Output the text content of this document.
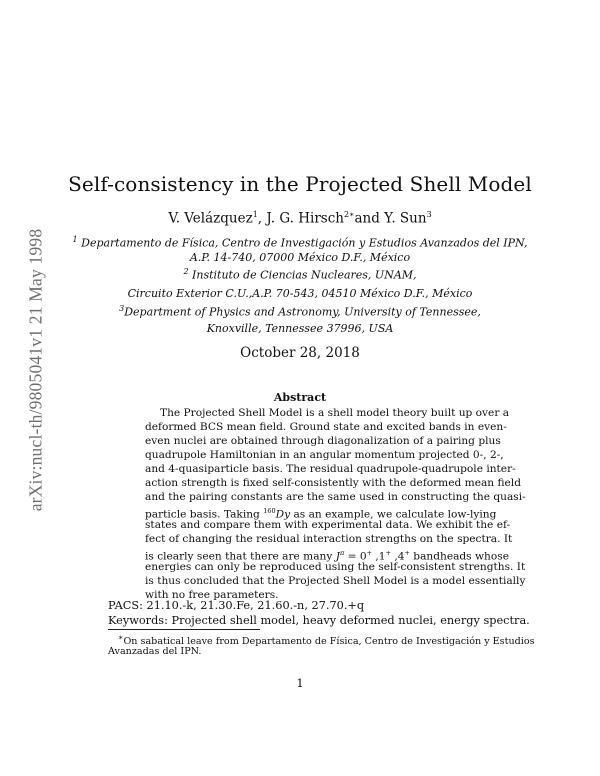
arXiv:nucl-th/9805041v1 21 May 1998
Self-consistency in the Projected Shell Model
V. Velázquez$^1$, J. G. Hirsch$^{2∗}$and Y. Sun$^3$
$^1$ Departamento de Física, Centro de Investigación y Estudios Avanzados del IPN,
A.P. 14-740, 07000 México D.F., México
$^2$ Instituto de Ciencias Nucleares, UNAM,
Circuito Exterior C.U.,A.P. 70-543, 04510 México D.F., México
$^3$Department of Physics and Astronomy, University of Tennessee,
Knoxville, Tennessee 37996, USA
October 28, 2018
Abstract
The Projected Shell Model is a shell model theory built up over a
deformed BCS mean field. Ground state and excited bands in even-
even nuclei are obtained through diagonalization of a pairing plus
quadrupole Hamiltonian in an angular momentum projected 0-, 2-,
and 4-quasiparticle basis. The residual quadrupole-quadrupole inter-
action strength is fixed self-consistently with the deformed mean field
and the pairing constants are the same used in constructing the quasi-
particle basis. Taking $^{160}$Dy as an example, we calculate low-lying
states and compare them with experimental data. We exhibit the ef-
fect of changing the residual interaction strengths on the spectra. It
is clearly seen that there are many $J^\pi = 0^+$ ,1+ ,4+ bandheads whose
energies can only be reproduced using the self-consistent strengths. It
is thus concluded that the Projected Shell Model is a model essentially
with no free parameters.
PACS: 21.10.-k, 21.30.Fe, 21.60.-n, 27.70.+q
Keywords: Projected shell model, heavy deformed nuclei, energy spectra.
∗On sabatical leave from Departamento de Física, Centro de Investigación y Estudios
Avanzadas del IPN.
1
